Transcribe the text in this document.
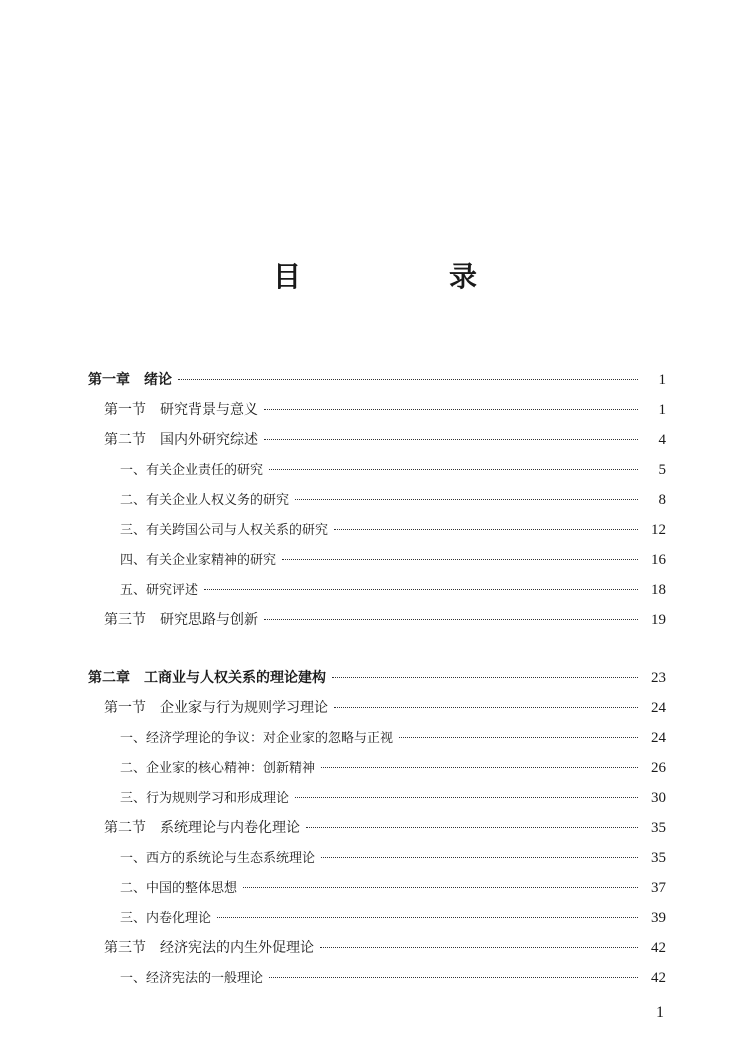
目　录
第一章 绪论	1
第一节 研究背景与意义	1
第二节 国内外研究综述	4
一、有关企业责任的研究	5
二、有关企业人权义务的研究	8
三、有关跨国公司与人权关系的研究	12
四、有关企业家精神的研究	16
五、研究评述	18
第三节 研究思路与创新	19
第二章 工商业与人权关系的理论建构	23
第一节 企业家与行为规则学习理论	24
一、经济学理论的争议：对企业家的忽略与正视	24
二、企业家的核心精神：创新精神	26
三、行为规则学习和形成理论	30
第二节 系统理论与内卷化理论	35
一、西方的系统论与生态系统理论	35
二、中国的整体思想	37
三、内卷化理论	39
第三节 经济宪法的内生外促理论	42
一、经济宪法的一般理论	42
1
